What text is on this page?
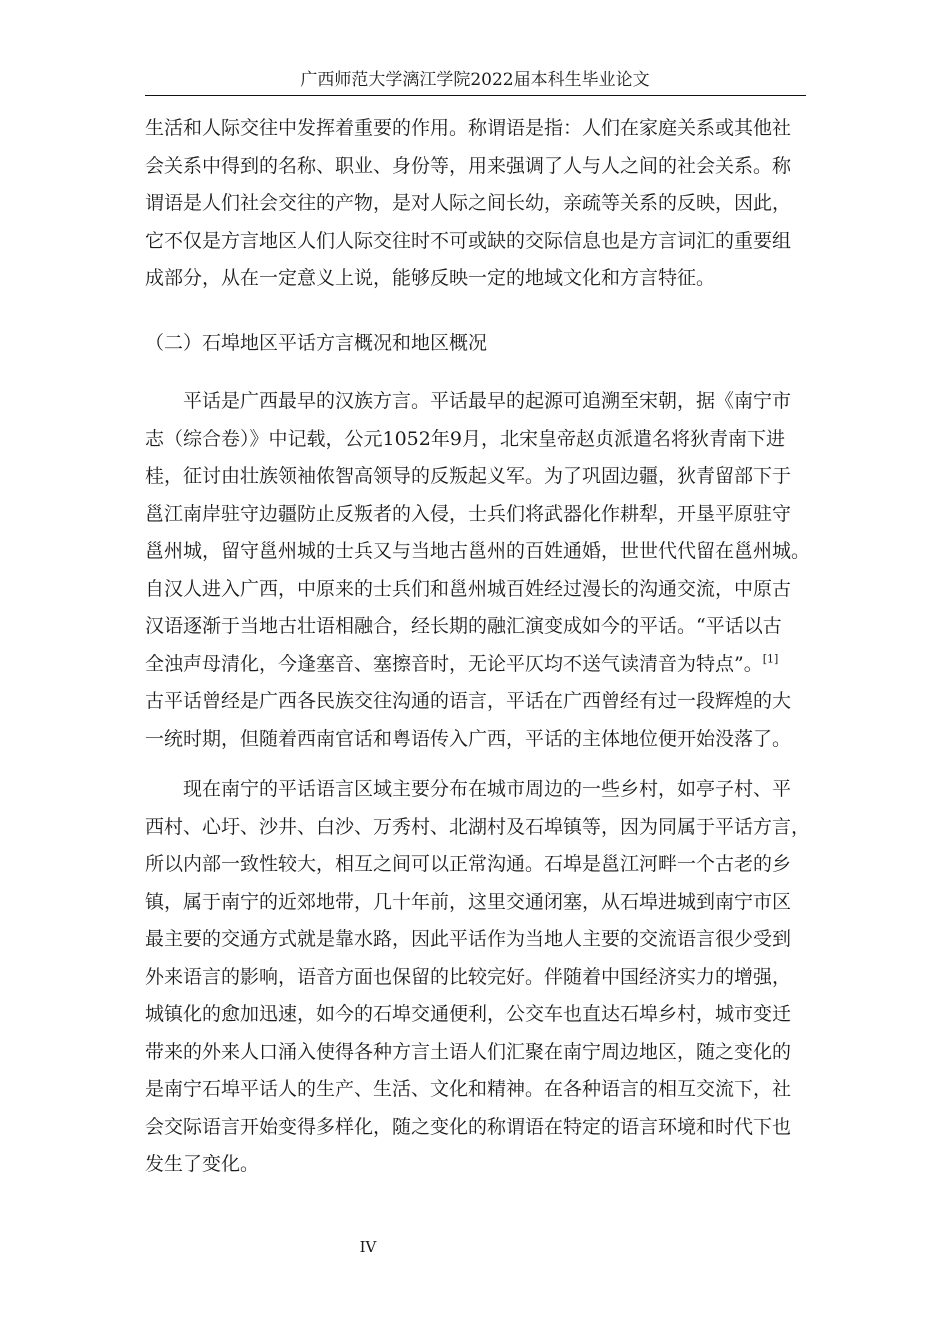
广西师范大学漓江学院2022届本科生毕业论文
生活和人际交往中发挥着重要的作用。称谓语是指：人们在家庭关系或其他社
会关系中得到的名称、职业、身份等，用来强调了人与人之间的社会关系。称
谓语是人们社会交往的产物，是对人际之间长幼，亲疏等关系的反映，因此，
它不仅是方言地区人们人际交往时不可或缺的交际信息也是方言词汇的重要组
成部分，从在一定意义上说，能够反映一定的地域文化和方言特征。
（二）石埠地区平话方言概况和地区概况
平话是广西最早的汉族方言。平话最早的起源可追溯至宋朝，据《南宁市
志（综合卷）》中记载，公元1052年9月，北宋皇帝赵贞派遣名将狄青南下进
桂，征讨由壮族领袖侬智高领导的反叛起义军。为了巩固边疆，狄青留部下于
邕江南岸驻守边疆防止反叛者的入侵，士兵们将武器化作耕犁，开垦平原驻守
邕州城，留守邕州城的士兵又与当地古邕州的百姓通婚，世世代代留在邕州城。
自汉人进入广西，中原来的士兵们和邕州城百姓经过漫长的沟通交流，中原古
汉语逐渐于当地古壮语相融合，经长期的融汇演变成如今的平话。“平话以古
全浊声母清化，今逢塞音、塞擦音时，无论平仄均不送气读清音为特点”。[1]
古平话曾经是广西各民族交往沟通的语言，平话在广西曾经有过一段辉煌的大
一统时期，但随着西南官话和粤语传入广西，平话的主体地位便开始没落了。
现在南宁的平话语言区域主要分布在城市周边的一些乡村，如亭子村、平
西村、心圩、沙井、白沙、万秀村、北湖村及石埠镇等，因为同属于平话方言，
所以内部一致性较大，相互之间可以正常沟通。石埠是邕江河畔一个古老的乡
镇，属于南宁的近郊地带，几十年前，这里交通闭塞，从石埠进城到南宁市区
最主要的交通方式就是靠水路，因此平话作为当地人主要的交流语言很少受到
外来语言的影响，语音方面也保留的比较完好。伴随着中国经济实力的增强，
城镇化的愈加迅速，如今的石埠交通便利，公交车也直达石埠乡村，城市变迁
带来的外来人口涌入使得各种方言土语人们汇聚在南宁周边地区，随之变化的
是南宁石埠平话人的生产、生活、文化和精神。在各种语言的相互交流下，社
会交际语言开始变得多样化，随之变化的称谓语在特定的语言环境和时代下也
发生了变化。
IV
